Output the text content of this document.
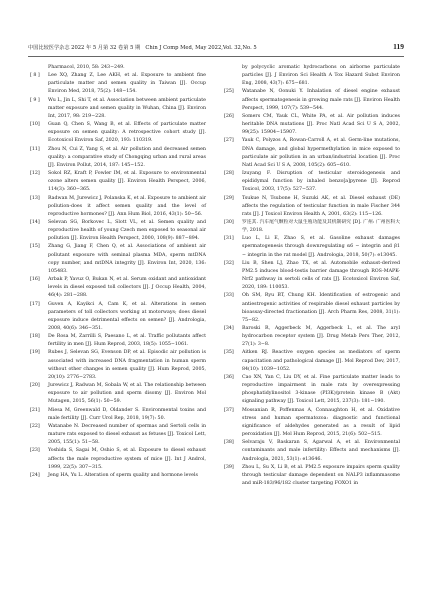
中国比较医学杂志 2022 年 5 月第 32 卷第 5 期　Chin J Comp Med, May 2022,Vol. 32,No. 5	119
Pharmacol, 2010, 58: 243−249.
[ 8 ]	Lee XQ, Zhang Z, Lee AKH, et al. Exposure to ambient fine particulate matter and semen quality in Taiwan [J]. Occup Environ Med, 2018, 75(2): 148−154.
[ 9 ]	Wu L, Jin L, Shi T, et al. Association between ambient particulate matter exposure and semen quality in Wuhan, China [J]. Environ Int, 2017, 98: 219−228.
[10]	Guan Q, Chen S, Wang B, et al. Effects of particulate matter exposure on semen quality: A retrospective cohort study [J]. Ecotoxicol Environ Saf, 2020, 193: 110319.
[11]	Zhou N, Cui Z, Yang S, et al. Air pollution and decreased semen quality: a comparative study of Chongqing urban and rural areas [J]. Environ Pollut, 2014, 187: 145−152.
[12]	Sokol RZ, Kraft P, Fowler IM, et al. Exposure to environmental ozone alters semen quality [J]. Environ Health Perspect, 2006, 114(3): 360−365.
[13]	Radwan M, Jurewicz J, Polanska K, et al. Exposure to ambient air pollution-does it affect semen quality and the level of reproductive hormones? [J]. Ann Hum Biol, 2016, 43(1): 50−56.
[14]	Selevan SG, Borkovec L, Slott VL, et al. Semen quality and reproductive health of young Czech men exposed to seasonal air pollution [J]. Environ Health Perspect, 2000, 108(9): 887−894.
[15]	Zhang G, Jiang F, Chen Q, et al. Associations of ambient air pollutant exposure with seminal plasma MDA, sperm mtDNA copy number, and mtDNA integrity [J]. Environ Int, 2020, 136: 105483.
[16]	Arbak P, Yavuz O, Bukan N, et al. Serum oxidant and antioxidant levels in diesel exposed toll collectors [J]. J Occup Health, 2004, 46(4): 281−288.
[17]	Guven A, Kayikci A, Cam K, et al. Alterations in semen parameters of toll collectors working at motorways; does diesel exposure induce detrimental effects on semen? [J]. Andrologia, 2008, 40(6): 346−351.
[18]	De Rosa M, Zarrilli S, Paesano L, et al. Traffic pollutants affect fertility in men [J]. Hum Reprod, 2003, 18(5): 1055−1061.
[19]	Rubes J, Selevan SG, Evenson DP, et al. Episodic air pollution is associated with increased DNA fragmentation in human sperm without other changes in semen quality [J]. Hum Reprod, 2005, 20(10): 2776−2783.
[20]	Jurewicz J, Radwan M, Sobala W, et al. The relationship between exposure to air pollution and sperm disomy [J]. Environ Mol Mutagen, 2015, 56(1): 50−59.
[21]	Miesa M, Greenwald D, Oldander S. Environmental toxins and male fertility [J]. Curr Urol Rep, 2018, 19(7): 50.
[22]	Watanabe N. Decreased number of spermas and Sertoli cells in mature rats exposed to diesel exhaust as fetuses [J]. Toxicol Lett, 2005, 155(1): 51−58.
[23]	Yoshida S, Sagai M, Oshio S, et al. Exposure to diesel exhaust affects the male reproductive system of mice [J]. Int J Androl, 1999, 22(5): 307−315.
[24]	Jeng HA, Yu L. Alteration of sperm quality and hormone levels
by polycyclic aromatic hydrocarbons on airborne particulate particles [J]. J Environ Sci Health A Tox Hazard Subst Environ Eng, 2008, 43(7): 675−681.
[25]	Watanabe N, Oonuki Y. Inhalation of diesel engine exhaust affects spermatogenesis in growing male rats [J]. Environ Health Perspect, 1999, 107(7): 539−544.
[26]	Somers CM, Yauk CL, White PA, et al. Air pollution induces heritable DNA mutations [J]. Proc Natl Acad Sci U S A, 2002, 99(25): 15904−15907.
[27]	Yauk C, Polyzos A, Rowan-Carroll A, et al. Germ-line mutations, DNA damage, and global hypermethylation in mice exposed to particulate air pollution in an urban/industrial location [J]. Proc Natl Acad Sci U S A, 2008, 105(2): 605−610.
[28]	Izuyang F. Disruption of testicular steroidogenesis and epididymal function by inhaled benzo[a]pyrene [J]. Reprod Toxicol, 2003, 17(5): 527−537.
[29]	Tsukue N, Tsubone H, Suzuki AK, et al. Diesel exhaust (DE) affects the regulation of testicular function in male Fischer 344 rats [J]. J Toxicol Environ Health A, 2001, 63(2): 115−126.
[30]	罗连其. 汽车尾气颗粒对大鼠生殖功能及其机制研究 [D]. 广州: 广州医科大学, 2018.
[31]	Luo L, Li E, Zhao S, et al. Gasoline exhaust damages spermatogenesis through downregulating α6 − integrin and β1 − integrin in the rat model [J]. Andrologia, 2018, 50(7): e13045.
[32]	Liu B, Shen LJ, Zhao TX, et al. Automobile exhaust-derived PM2.5 induces blood-testis barrier damage through ROS-MAPK-Nrf2 pathway in sertoli cells of rats [J]. Ecotoxicol Environ Saf, 2020, 189: 110053.
[33]	Oh SM, Ryu BT, Chung KH. Identification of estrogenic and antiestrogenic activities of respirable diesel exhaust particles by bioassay-directed fractionation [J]. Arch Pharm Res, 2008, 31(1): 75−82.
[34]	Baroski R, Aggerbeck M, Aggerbeck L, et al. The aryl hydrocarbon receptor system [J]. Drug Metab Pers Ther, 2012, 27(1): 3−8.
[35]	Aitken RJ. Reactive oxygen species as mediators of sperm capacitation and pathological damage [J]. Mol Reprod Dev, 2017, 84(10): 1039−1052.
[36]	Cao XN, Yan C, Liu DY, et al. Fine particulate matter leads to reproductive impairment in male rats by overexpressing phosphatidylinositol 3-kinase (PI3K)/protein kinase B (Akt) signaling pathway [J]. Toxicol Lett, 2015, 237(3): 181−190.
[37]	Mossanian R, Poffenmas A, Connaughton H, et al. Oxidative stress and human spermatozoa: diagnostic and functional significance of aldehydes generated as a result of lipid peroxidation [J]. Mol Hum Reprod, 2015, 21(6): 502−515.
[38]	Selvaraju V, Baskaran S, Agarwal A, et al. Environmental contaminants and male infertility: Effects and mechanisms [J]. Andrologia, 2021, 53(1): e13646.
[39]	Zhou L, Su X, Li B, et al. PM2.5 exposure impairs sperm quality through testicular damage dependent on NALP3 inflammasome and miR-183/96/182 cluster targeting FOXO1 in
